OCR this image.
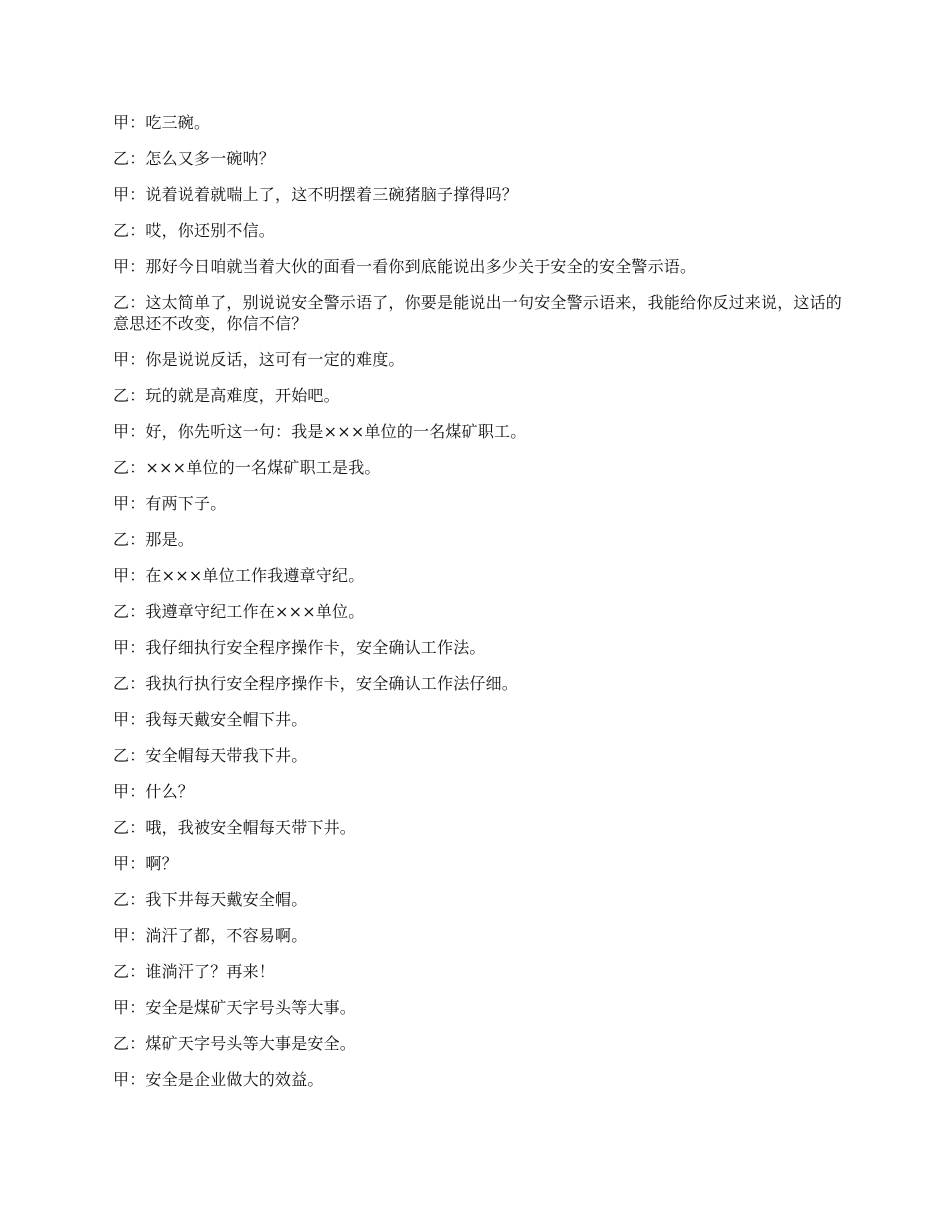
甲：吃三碗。

乙：怎么又多一碗呐？

甲：说着说着就喘上了，这不明摆着三碗猪脑子撑得吗？

乙：哎，你还别不信。

甲：那好今日咱就当着大伙的面看一看你到底能说出多少关于安全的安全警示语。

乙：这太简单了，别说说安全警示语了，你要是能说出一句安全警示语来，我能给你反过来说，这话的意思还不改变，你信不信？

甲：你是说说反话，这可有一定的难度。

乙：玩的就是高难度，开始吧。

甲：好，你先听这一句：我是×××单位的一名煤矿职工。

乙：×××单位的一名煤矿职工是我。

甲：有两下子。

乙：那是。

甲：在×××单位工作我遵章守纪。

乙：我遵章守纪工作在×××单位。

甲：我仔细执行安全程序操作卡，安全确认工作法。

乙：我执行执行安全程序操作卡，安全确认工作法仔细。

甲：我每天戴安全帽下井。

乙：安全帽每天带我下井。

甲：什么？

乙：哦，我被安全帽每天带下井。

甲：啊？

乙：我下井每天戴安全帽。

甲：淌汗了都，不容易啊。

乙：谁淌汗了？再来！

甲：安全是煤矿天字号头等大事。

乙：煤矿天字号头等大事是安全。

甲：安全是企业做大的效益。
